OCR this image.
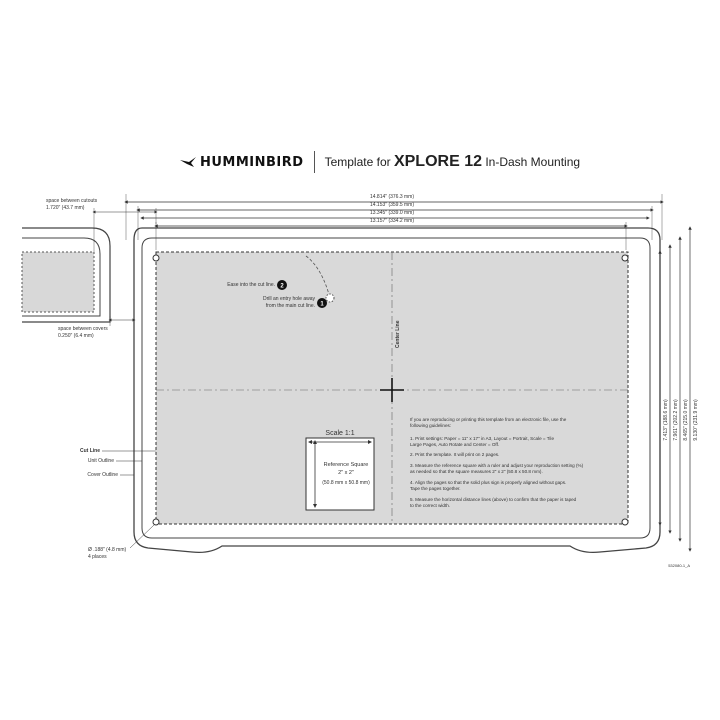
HUMMINBIRD Template for XPLORE 12 In-Dash Mounting
Center Line
14.814" (376.3 mm)
14.153" (359.5 mm)
13.345" (339.0 mm)
13.157" (334.2 mm)
7.413" (188.6 mm) 7.961" (202.2 mm) 8.465" (215.0 mm) 9.130" (231.9 mm)
space between cutouts
1.720" (43.7 mm)
space between covers
0.250" (6.4 mm)
Cut Line
Unit Outline
Cover Outline
Ø .188" (4.8 mm)
4 places
2
Ease into the cut line.
1
Drill an entry hole away
from the main cut line.
Scale 1:1
Reference Square
2" x 2"
(50.8 mm x 50.8 mm)
If you are reproducing or printing this template from an electronic file, use the
following guidelines:
1. Print settings: Paper = 11" x 17" in A3, Layout = Portrait, Scale = Tile
Large Pages, Auto Rotate and Center = Off.
2. Print the template. It will print on 2 pages.
3. Measure the reference square with a ruler and adjust your reproduction setting (%)
as needed so that the square measures 2" x 2" (50.8 x 50.8 mm).
4. Align the pages so that the solid plus sign is properly aligned without gaps.
Tape the pages together.
5. Measure the horizontal distance lines (above) to confirm that the paper is taped
to the correct width.
532080-1_A
